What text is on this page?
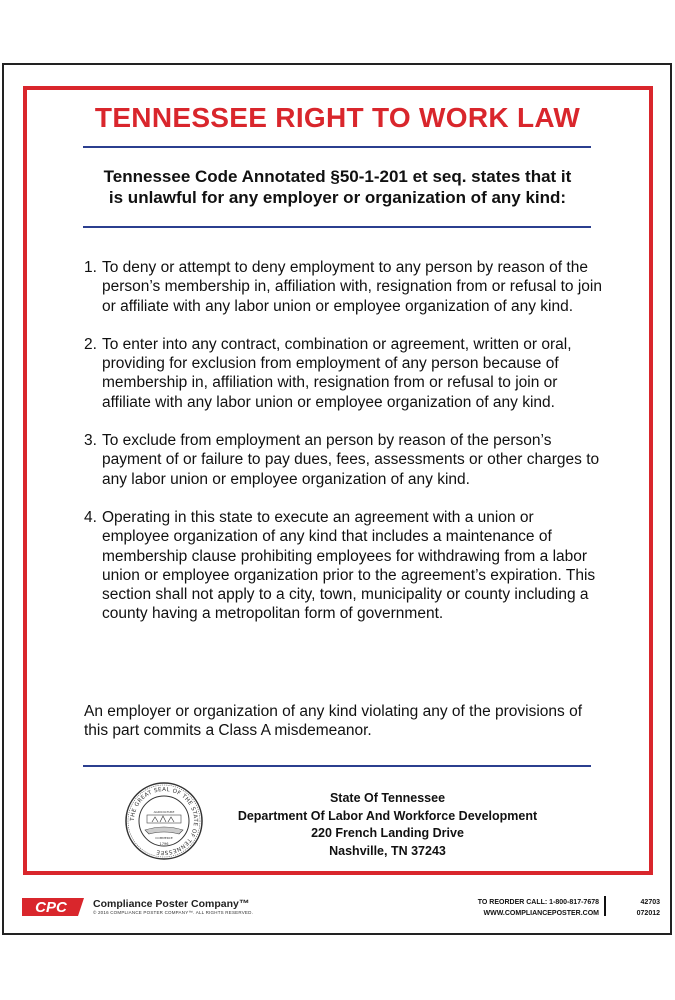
TENNESSEE RIGHT TO WORK LAW
Tennessee Code Annotated §50-1-201 et seq. states that it
is unlawful for any employer or organization of any kind:
1. To deny or attempt to deny employment to any person by reason of the person’s membership in, affiliation with, resignation from or refusal to join or affiliate with any labor union or employee organization of any kind.
2. To enter into any contract, combination or agreement, written or oral, providing for exclusion from employment of any person because of membership in, affiliation with, resignation from or refusal to join or affiliate with any labor union or employee organization of any kind.
3. To exclude from employment an person by reason of the person’s payment of or failure to pay dues, fees, assessments or other charges to any labor union or employee organization of any kind.
4. Operating in this state to execute an agreement with a union or employee organization of any kind that includes a maintenance of membership clause prohibiting employees for withdrawing from a labor union or employee organization prior to the agreement’s expiration. This section shall not apply to a city, town, municipality or county including a county having a metropolitan form of government.
An employer or organization of any kind violating any of the provisions of this part commits a Class A misdemeanor.
THE GREAT SEAL OF THE STATE OF TENNESSEE
AGRICULTURE
COMMERCE
1796
State Of Tennessee
Department Of Labor And Workforce Development
220 French Landing Drive
Nashville, TN 37243
CPC Compliance Poster Company™
© 2016 COMPLIANCE POSTER COMPANY™. ALL RIGHTS RESERVED.
TO REORDER CALL: 1-800-817-7678
WWW.COMPLIANCEPOSTER.COM
42703
072012
